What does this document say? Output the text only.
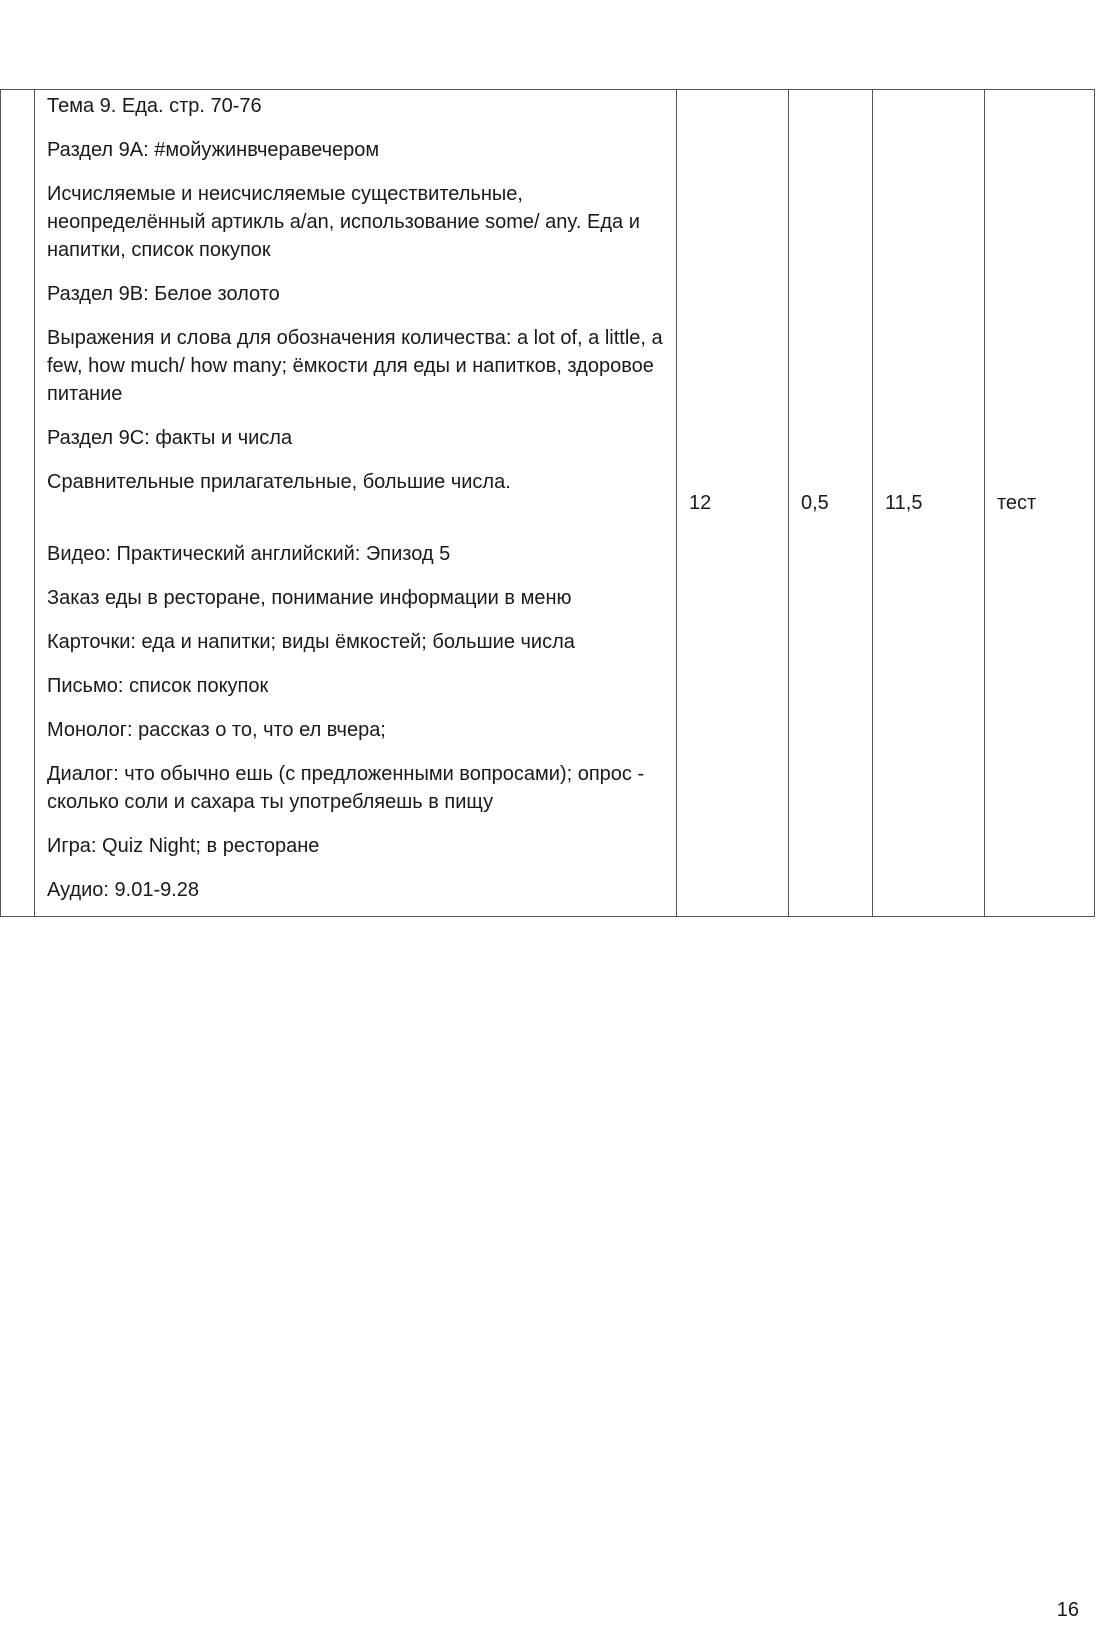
Тема 9. Еда. стр. 70-76

Раздел 9A: #мойужинвчеравечером

Исчисляемые и неисчисляемые существительные, неопределённый артикль a/an, использование some/ any. Еда и напитки, список покупок

Раздел 9B: Белое золото

Выражения и слова для обозначения количества: a lot of, a little, a few, how much/ how many; ёмкости для еды и напитков, здоровое питание

Раздел 9C: факты и числа

Сравнительные прилагательные, большие числа.

Видео: Практический английский: Эпизод 5

Заказ еды в ресторане, понимание информации в меню

Карточки: еда и напитки; виды ёмкостей; большие числа

Письмо: список покупок

Монолог: рассказ о то, что ел вчера;

Диалог: что обычно ешь (с предложенными вопросами); опрос - сколько соли и сахара ты употребляешь в пищу

Игра: Quiz Night; в ресторане

Аудио: 9.01-9.28

	12	0,5	11,5	тест
16
